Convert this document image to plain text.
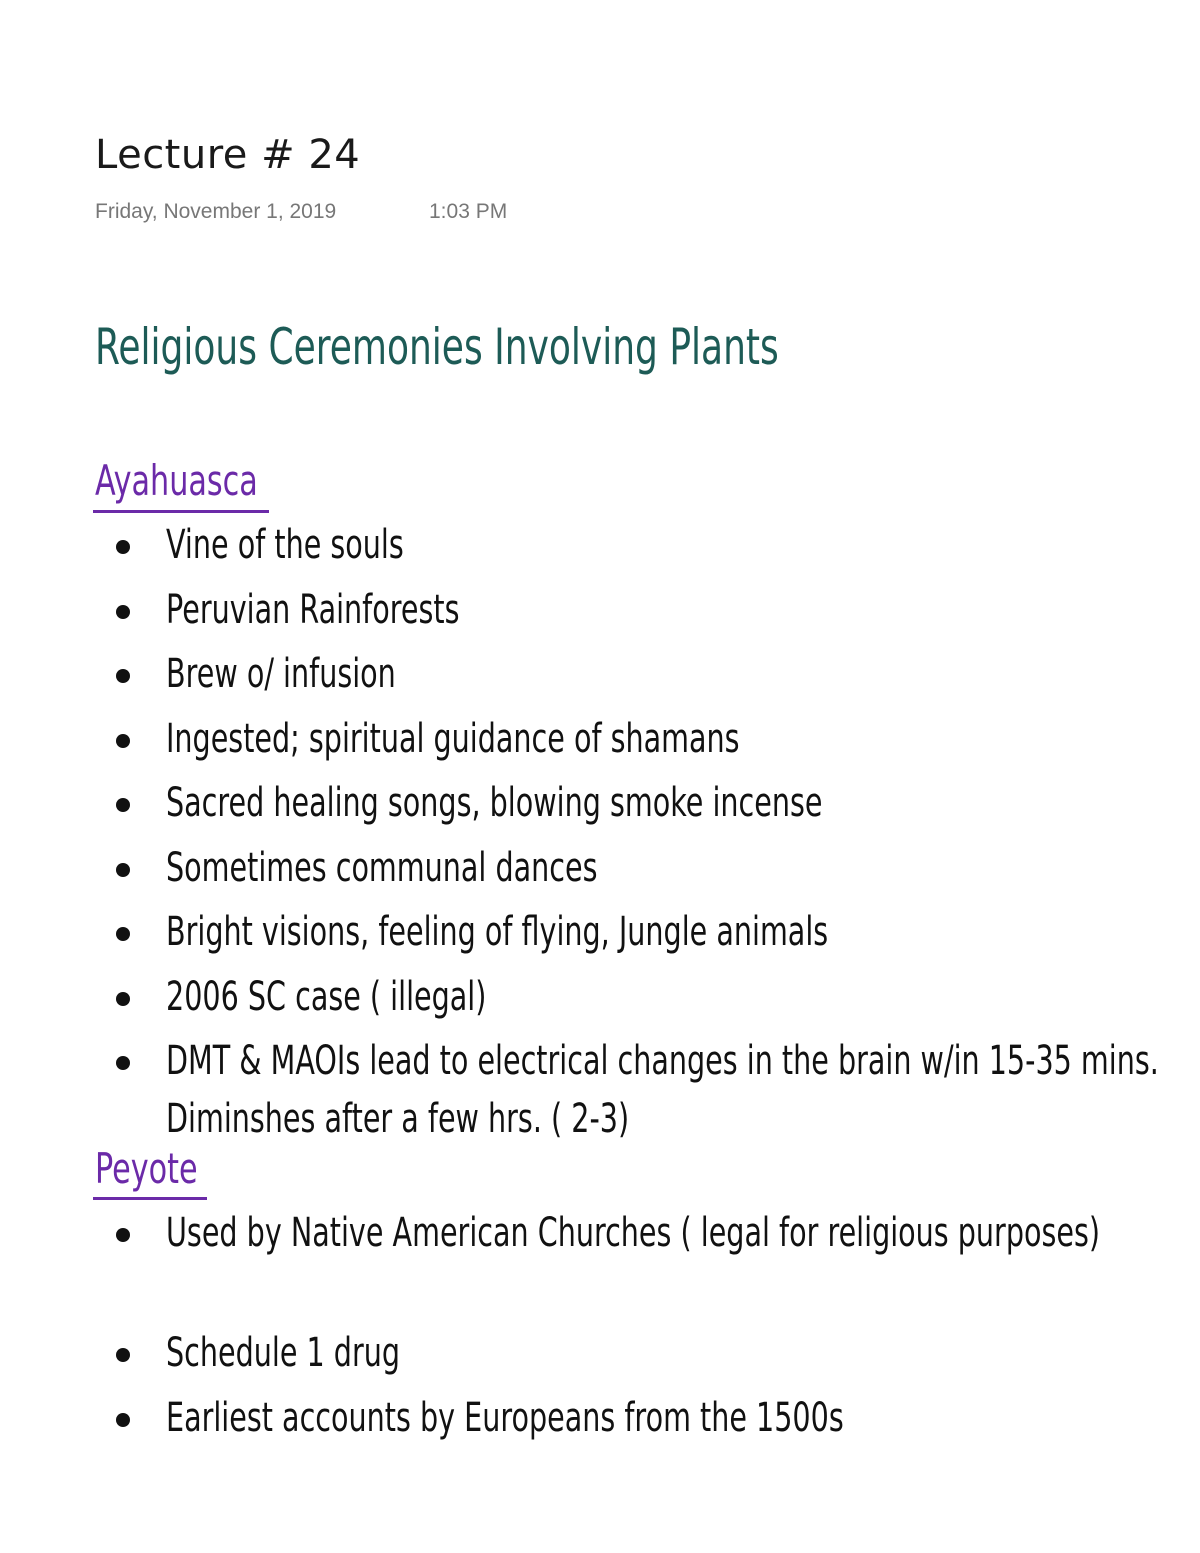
Lecture # 24
Friday, November 1, 2019	1:03 PM
Religious Ceremonies Involving Plants
Ayahuasca
Vine of the souls
Peruvian Rainforests
Brew o/ infusion
Ingested; spiritual guidance of shamans
Sacred healing songs, blowing smoke incense
Sometimes communal dances
Bright visions, feeling of flying, Jungle animals
2006 SC case ( illegal)
DMT & MAOIs lead to electrical changes in the brain w/in 15-35 mins. Diminshes after a few hrs. ( 2-3)
Peyote
Used by Native American Churches ( legal for religious purposes)
Schedule 1 drug
Earliest accounts by Europeans from the 1500s
